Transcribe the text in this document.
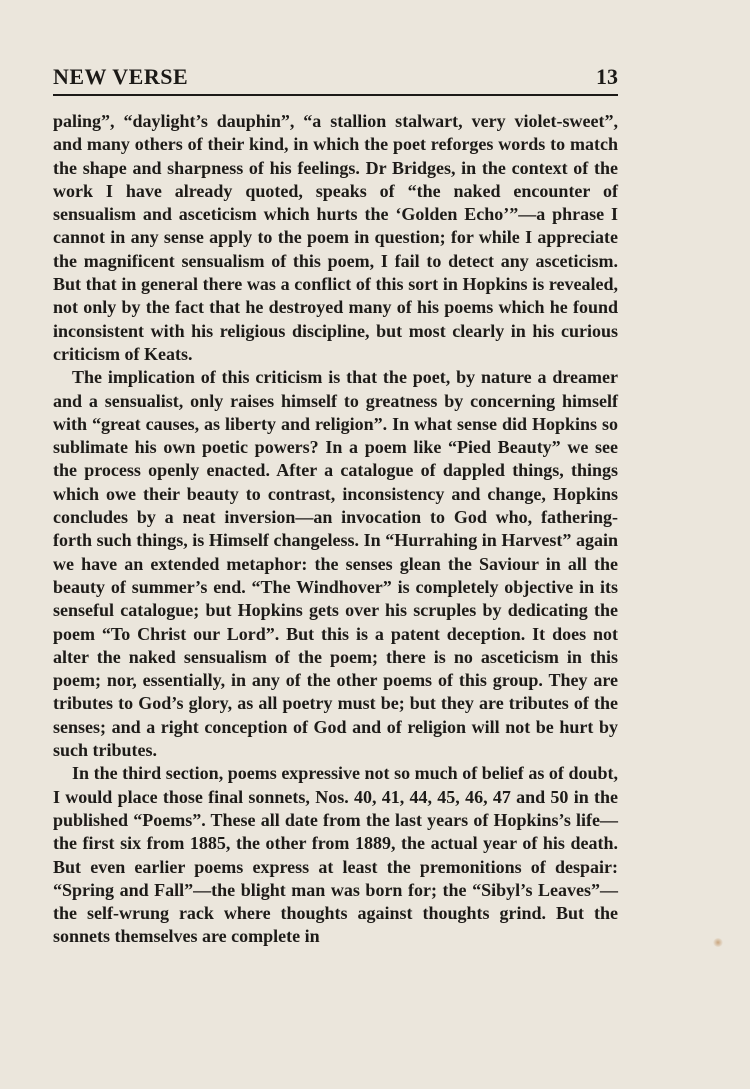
NEW VERSE	13

paling”, “daylight’s dauphin”, “a stallion stalwart, very violet-sweet”, and many others of their kind, in which the poet reforges words to match the shape and sharpness of his feelings. Dr Bridges, in the context of the work I have already quoted, speaks of “the naked encounter of sensualism and asceticism which hurts the ‘Golden Echo’”—a phrase I cannot in any sense apply to the poem in question; for while I appreciate the magnificent sensualism of this poem, I fail to detect any asceticism. But that in general there was a conflict of this sort in Hopkins is revealed, not only by the fact that he destroyed many of his poems which he found inconsistent with his religious discipline, but most clearly in his curious criticism of Keats.

The implication of this criticism is that the poet, by nature a dreamer and a sensualist, only raises himself to greatness by concerning himself with “great causes, as liberty and religion”. In what sense did Hopkins so sublimate his own poetic powers? In a poem like “Pied Beauty” we see the process openly enacted. After a catalogue of dappled things, things which owe their beauty to contrast, inconsistency and change, Hopkins concludes by a neat inversion—an invocation to God who, fathering-forth such things, is Himself changeless. In “Hurrahing in Harvest” again we have an extended metaphor: the senses glean the Saviour in all the beauty of summer’s end. “The Windhover” is completely objective in its senseful catalogue; but Hopkins gets over his scruples by dedicating the poem “To Christ our Lord”. But this is a patent deception. It does not alter the naked sensualism of the poem; there is no asceticism in this poem; nor, essentially, in any of the other poems of this group. They are tributes to God’s glory, as all poetry must be; but they are tributes of the senses; and a right conception of God and of religion will not be hurt by such tributes.

In the third section, poems expressive not so much of belief as of doubt, I would place those final sonnets, Nos. 40, 41, 44, 45, 46, 47 and 50 in the published “Poems”. These all date from the last years of Hopkins’s life—the first six from 1885, the other from 1889, the actual year of his death. But even earlier poems express at least the premonitions of despair: “Spring and Fall”—the blight man was born for; the “Sibyl’s Leaves”—the self-wrung rack where thoughts against thoughts grind. But the sonnets themselves are complete in
